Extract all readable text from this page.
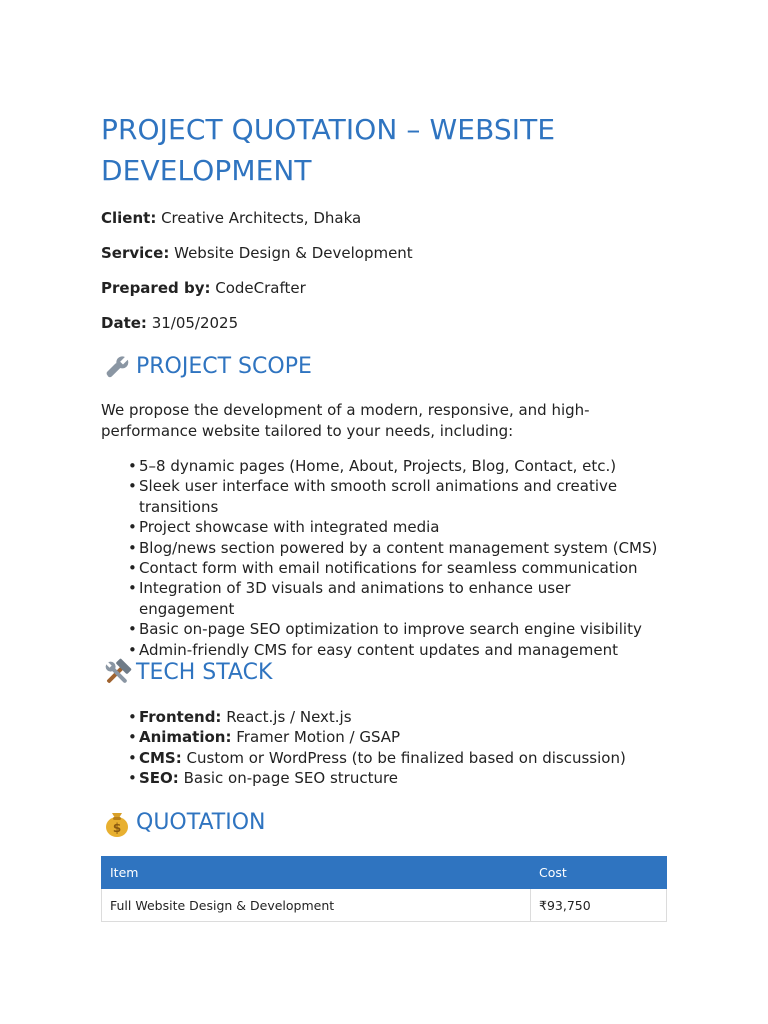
PROJECT QUOTATION – WEBSITE DEVELOPMENT

Client: Creative Architects, Dhaka

Service: Website Design & Development

Prepared by: CodeCrafter

Date: 31/05/2025

PROJECT SCOPE

We propose the development of a modern, responsive, and high-performance website tailored to your needs, including:

• 5–8 dynamic pages (Home, About, Projects, Blog, Contact, etc.)
• Sleek user interface with smooth scroll animations and creative transitions
• Project showcase with integrated media
• Blog/news section powered by a content management system (CMS)
• Contact form with email notifications for seamless communication
• Integration of 3D visuals and animations to enhance user engagement
• Basic on-page SEO optimization to improve search engine visibility
• Admin-friendly CMS for easy content updates and management
TECH STACK
• Frontend: React.js / Next.js
• Animation: Framer Motion / GSAP
• CMS: Custom or WordPress (to be finalized based on discussion)
• SEO: Basic on-page SEO structure
$ QUOTATION
Item	Cost
Full Website Design & Development	₹93,750
